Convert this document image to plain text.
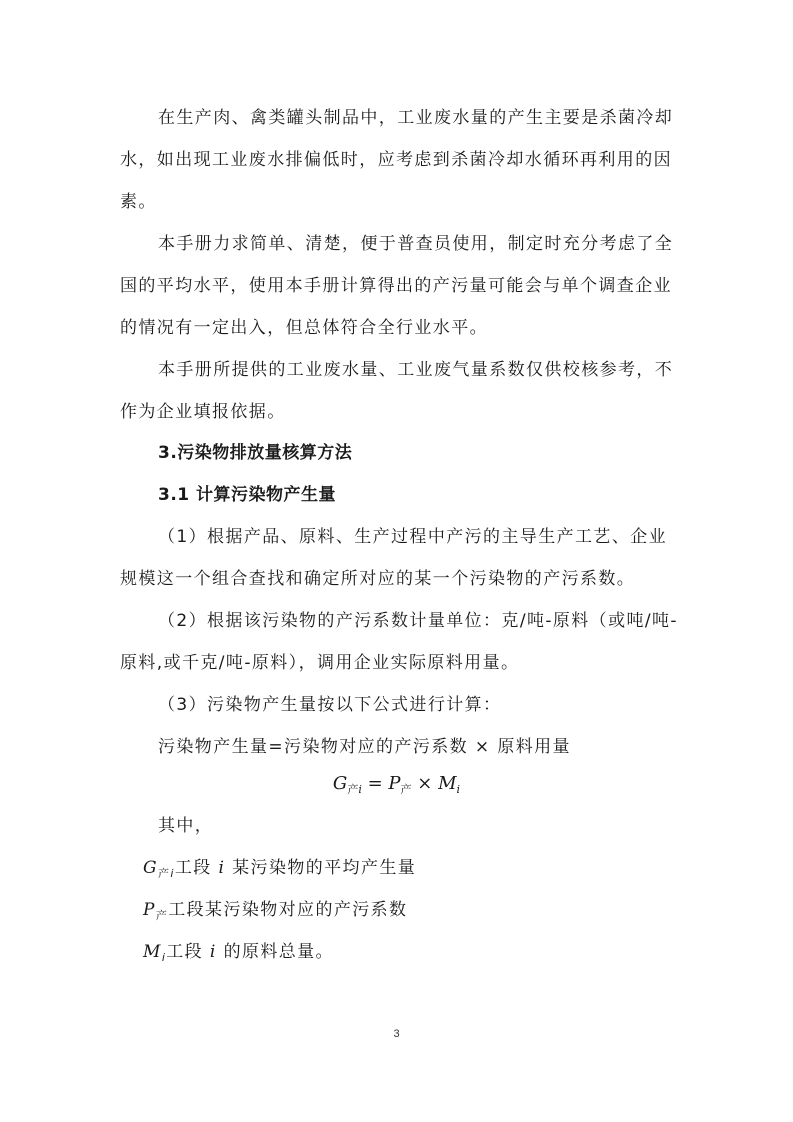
在生产肉、禽类罐头制品中，工业废水量的产生主要是杀菌冷却
水，如出现工业废水排偏低时，应考虑到杀菌冷却水循环再利用的因
素。
本手册力求简单、清楚，便于普查员使用，制定时充分考虑了全
国的平均水平，使用本手册计算得出的产污量可能会与单个调查企业
的情况有一定出入，但总体符合全行业水平。
本手册所提供的工业废水量、工业废气量系数仅供校核参考，不
作为企业填报依据。
3.污染物排放量核算方法
3.1 计算污染物产生量
（1）根据产品、原料、生产过程中产污的主导生产工艺、企业
规模这一个组合查找和确定所对应的某一个污染物的产污系数。
（2）根据该污染物的产污系数计量单位：克/吨-原料（或吨/吨-
原料,或千克/吨-原料），调用企业实际原料用量。
（3）污染物产生量按以下公式进行计算：
污染物产生量=污染物对应的产污系数 × 原料用量
$G_{产i} = P_产 \times M_i$
其中，
$G_{产i}$工段 i 某污染物的平均产生量
$P_产$工段某污染物对应的产污系数
$M_i$工段 i 的原料总量。
3
